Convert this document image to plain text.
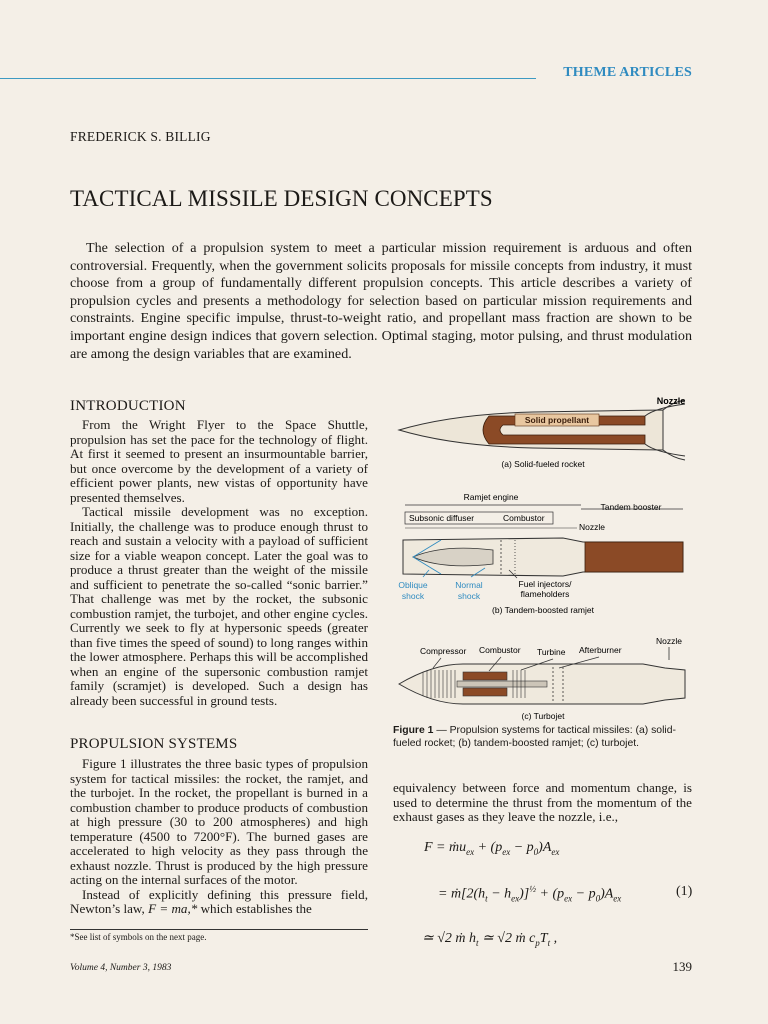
THEME ARTICLES
FREDERICK S. BILLIG
TACTICAL MISSILE DESIGN CONCEPTS
The selection of a propulsion system to meet a particular mission requirement is arduous and often controversial. Frequently, when the government solicits proposals for missile concepts from industry, it must choose from a group of fundamentally different propulsion concepts. This article describes a variety of propulsion cycles and presents a methodology for selection based on particular mission requirements and constraints. Engine specific impulse, thrust-to-weight ratio, and propellant mass fraction are shown to be important engine design indices that govern selection. Optimal staging, motor pulsing, and thrust modulation are among the design variables that are examined.
INTRODUCTION

From the Wright Flyer to the Space Shuttle, propulsion has set the pace for the technology of flight. At first it seemed to present an insurmountable barrier, but once overcome by the development of a variety of efficient power plants, new vistas of opportunity have presented themselves.

Tactical missile development was no exception. Initially, the challenge was to produce enough thrust to reach and sustain a velocity with a payload of sufficient size for a viable weapon concept. Later the goal was to produce a thrust greater than the weight of the missile and sufficient to penetrate the so-called “sonic barrier.” That challenge was met by the rocket, the subsonic combustion ramjet, the turbojet, and other engine cycles. Currently we seek to fly at hypersonic speeds (greater than five times the speed of sound) to long ranges within the lower atmosphere. Perhaps this will be accomplished when an engine of the supersonic combustion ramjet family (scramjet) is developed. Such a design has already been successful in ground tests.

PROPULSION SYSTEMS

Figure 1 illustrates the three basic types of propulsion system for tactical missiles: the rocket, the ramjet, and the turbojet. In the rocket, the propellant is burned in a combustion chamber to produce products of combustion at high pressure (30 to 200 atmospheres) and high temperature (4500 to 7200°F). The burned gases are accelerated to high velocity as they pass through the exhaust nozzle. Thrust is produced by the high pressure acting on the internal surfaces of the motor.

Instead of explicitly defining this pressure field, Newton’s law, F = ma,* which establishes the

*See list of symbols on the next page.
Volume 4, Number 3, 1983	139

equivalency between force and momentum change, is used to determine the thrust from the momentum of the exhaust gases as they leave the nozzle, i.e.,

F = ṁu$_{ex}$ + $(p_{ex} - p_0)A_{ex}$
= $ṁ[2(h_t - h_{ex})]^{\frac{1}{2}} + (p_{ex} - p_0)A_{ex}$	(1)
≃ √2 ṁ $h_t$ ≃ √2 ṁ $c_pT_t$ ,
Solid propellant
Nozzle
(a) Solid-fueled rocket
Ramjet engine
Tandem booster
Subsonic diffuser	Combustor
Nozzle
Oblique
shock
Normal
shock
Fuel injectors/
flameholders
(b) Tandem-boosted ramjet
Compressor Combustor Turbine Afterburner
Nozzle
(c) Turbojet
Figure 1 — Propulsion systems for tactical missiles: (a) solid-fueled rocket; (b) tandem-boosted ramjet; (c) turbojet.
